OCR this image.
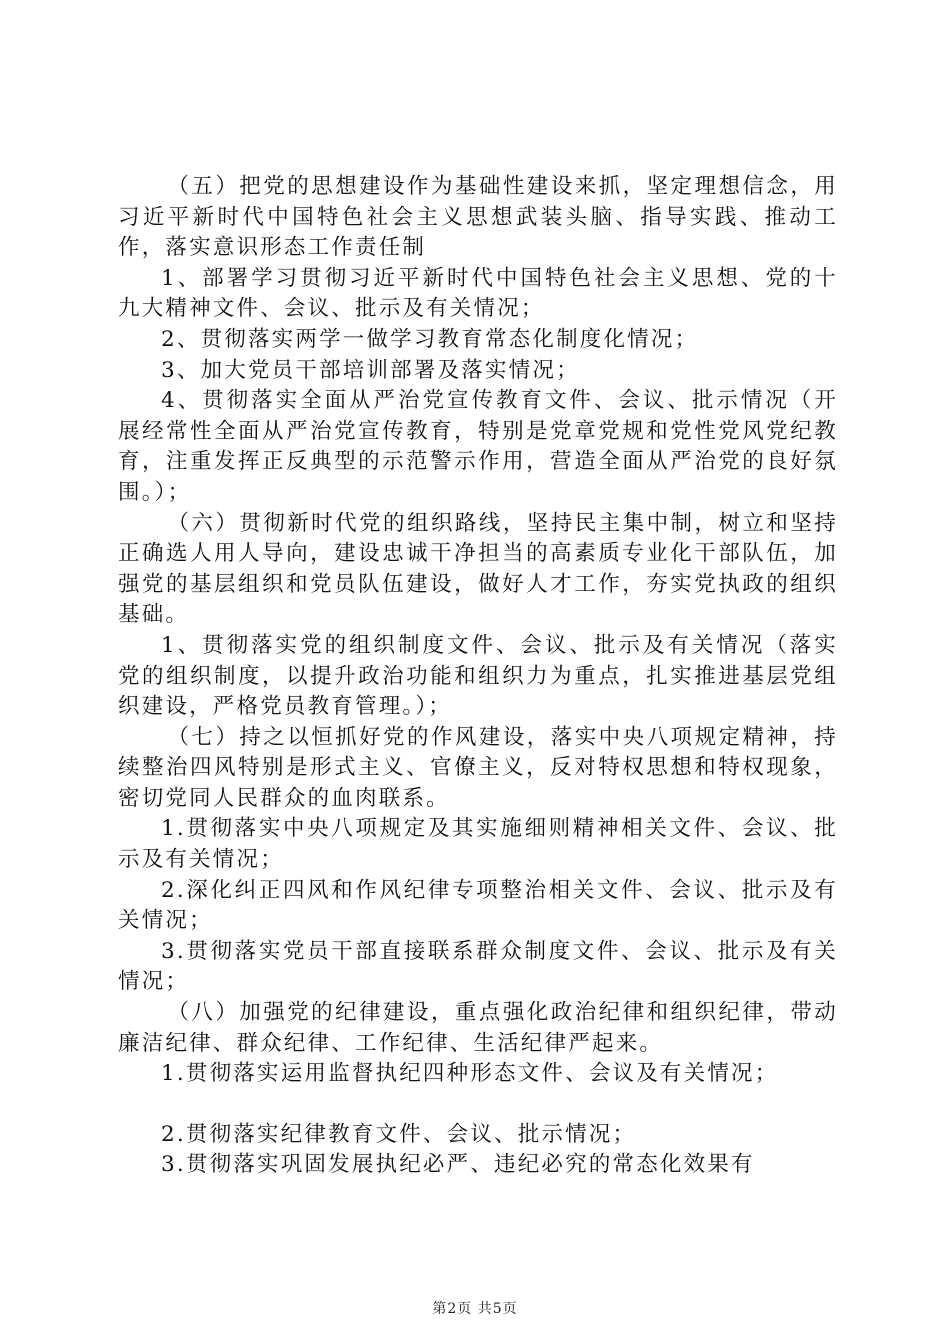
（五）把党的思想建设作为基础性建设来抓，坚定理想信念，用习近平新时代中国特色社会主义思想武装头脑、指导实践、推动工作，落实意识形态工作责任制

1、部署学习贯彻习近平新时代中国特色社会主义思想、党的十九大精神文件、会议、批示及有关情况；

2、贯彻落实两学一做学习教育常态化制度化情况；

3、加大党员干部培训部署及落实情况；

4、贯彻落实全面从严治党宣传教育文件、会议、批示情况（开展经常性全面从严治党宣传教育，特别是党章党规和党性党风党纪教育，注重发挥正反典型的示范警示作用，营造全面从严治党的良好氛围。）；

（六）贯彻新时代党的组织路线，坚持民主集中制，树立和坚持正确选人用人导向，建设忠诚干净担当的高素质专业化干部队伍，加强党的基层组织和党员队伍建设，做好人才工作，夯实党执政的组织基础。

1、贯彻落实党的组织制度文件、会议、批示及有关情况（落实党的组织制度，以提升政治功能和组织力为重点，扎实推进基层党组织建设，严格党员教育管理。）；

（七）持之以恒抓好党的作风建设，落实中央八项规定精神，持续整治四风特别是形式主义、官僚主义，反对特权思想和特权现象，密切党同人民群众的血肉联系。

1.贯彻落实中央八项规定及其实施细则精神相关文件、会议、批示及有关情况；

2.深化纠正四风和作风纪律专项整治相关文件、会议、批示及有关情况；

3.贯彻落实党员干部直接联系群众制度文件、会议、批示及有关情况；

（八）加强党的纪律建设，重点强化政治纪律和组织纪律，带动廉洁纪律、群众纪律、工作纪律、生活纪律严起来。

1.贯彻落实运用监督执纪四种形态文件、会议及有关情况；

2.贯彻落实纪律教育文件、会议、批示情况；

3.贯彻落实巩固发展执纪必严、违纪必究的常态化效果有

第2页 共5页
